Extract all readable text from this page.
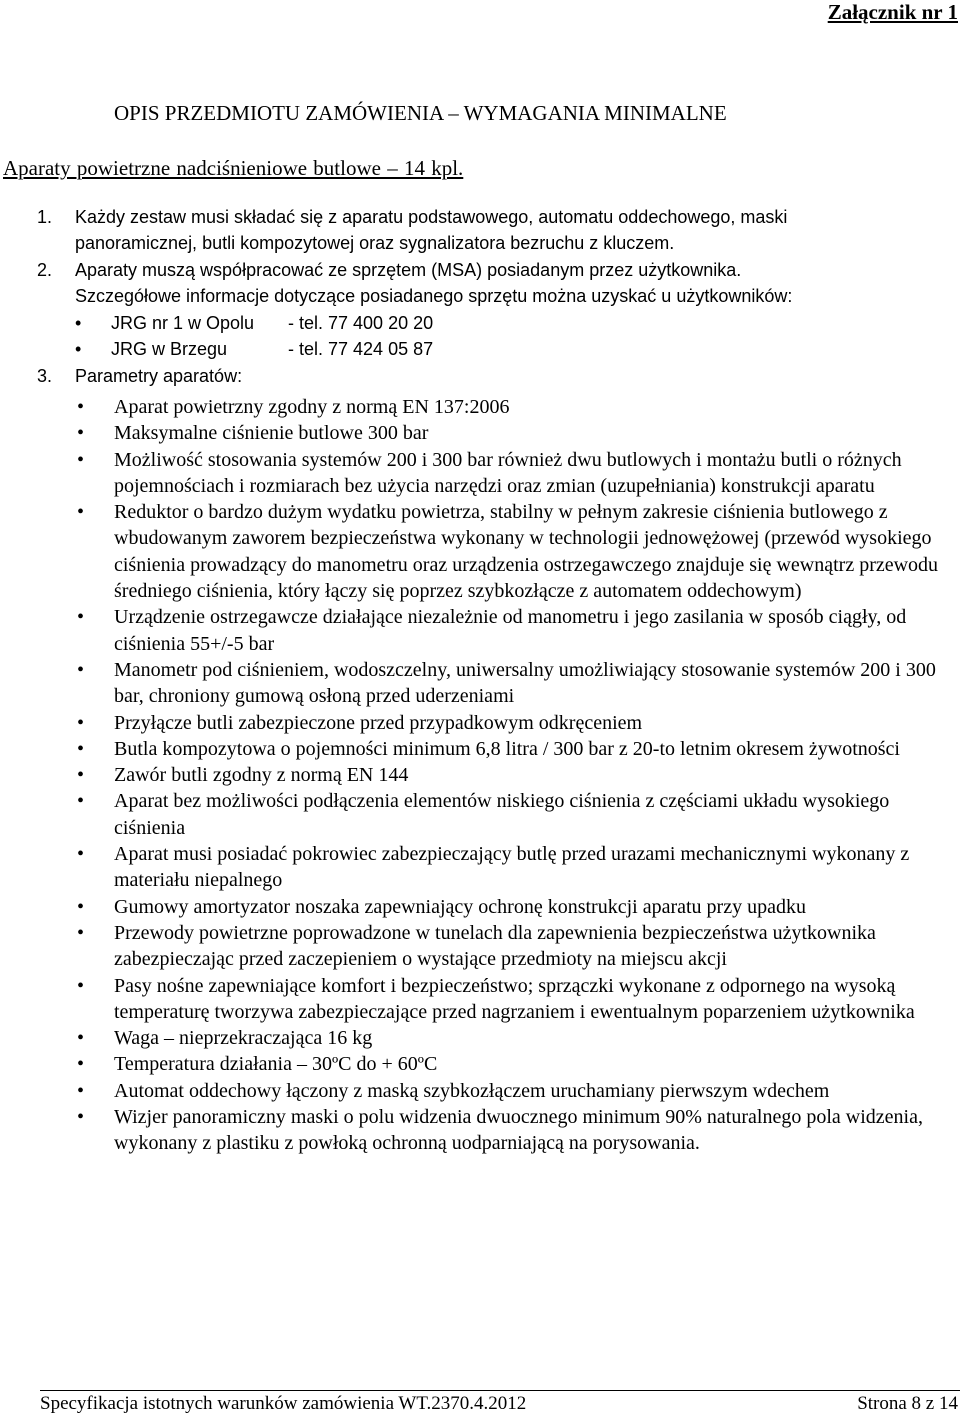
Załącznik nr 1
OPIS PRZEDMIOTU ZAMÓWIENIA – WYMAGANIA MINIMALNE
Aparaty powietrzne nadciśnieniowe butlowe – 14 kpl.
1. Każdy zestaw musi składać się z aparatu podstawowego, automatu oddechowego, maski
panoramicznej, butli kompozytowej oraz sygnalizatora bezruchu z kluczem.
2. Aparaty muszą współpracować ze sprzętem (MSA) posiadanym przez użytkownika.
Szczegółowe informacje dotyczące posiadanego sprzętu można uzyskać u użytkowników:
• JRG nr 1 w Opolu - tel. 77 400 20 20
• JRG w Brzegu	- tel. 77 424 05 87
3. Parametry aparatów:
• Aparat powietrzny zgodny z normą EN 137:2006
• Maksymalne ciśnienie butlowe 300 bar
• Możliwość stosowania systemów 200 i 300 bar również dwu butlowych i montażu butli o różnych pojemnościach i rozmiarach bez użycia narzędzi oraz zmian (uzupełniania) konstrukcji aparatu
• Reduktor o bardzo dużym wydatku powietrza, stabilny w pełnym zakresie ciśnienia butlowego z wbudowanym zaworem bezpieczeństwa wykonany w technologii jednowężowej (przewód wysokiego ciśnienia prowadzący do manometru oraz urządzenia ostrzegawczego znajduje się wewnątrz przewodu średniego ciśnienia, który łączy się poprzez szybkozłącze z automatem oddechowym)
• Urządzenie ostrzegawcze działające niezależnie od manometru i jego zasilania w sposób ciągły, od ciśnienia 55+/-5 bar
• Manometr pod ciśnieniem, wodoszczelny, uniwersalny umożliwiający stosowanie systemów 200 i 300 bar, chroniony gumową osłoną przed uderzeniami
• Przyłącze butli zabezpieczone przed przypadkowym odkręceniem
• Butla kompozytowa o pojemności minimum 6,8 litra / 300 bar z 20-to letnim okresem żywotności
• Zawór butli zgodny z normą EN 144
• Aparat bez możliwości podłączenia elementów niskiego ciśnienia z częściami układu wysokiego ciśnienia
• Aparat musi posiadać pokrowiec zabezpieczający butlę przed urazami mechanicznymi wykonany z materiału niepalnego
• Gumowy amortyzator noszaka zapewniający ochronę konstrukcji aparatu przy upadku
• Przewody powietrzne poprowadzone w tunelach dla zapewnienia bezpieczeństwa użytkownika zabezpieczając przed zaczepieniem o wystające przedmioty na miejscu akcji
• Pasy nośne zapewniające komfort i bezpieczeństwo; sprzączki wykonane z odpornego na wysoką temperaturę tworzywa zabezpieczające przed nagrzaniem i ewentualnym poparzeniem użytkownika
• Waga – nieprzekraczająca 16 kg
• Temperatura działania – 30ºC do + 60ºC
• Automat oddechowy łączony z maską szybkozłączem uruchamiany pierwszym wdechem
• Wizjer panoramiczny maski o polu widzenia dwuocznego minimum 90% naturalnego pola widzenia, wykonany z plastiku z powłoką ochronną uodparniającą na porysowania.
Specyfikacja istotnych warunków zamówienia WT.2370.4.2012	Strona 8 z 14
